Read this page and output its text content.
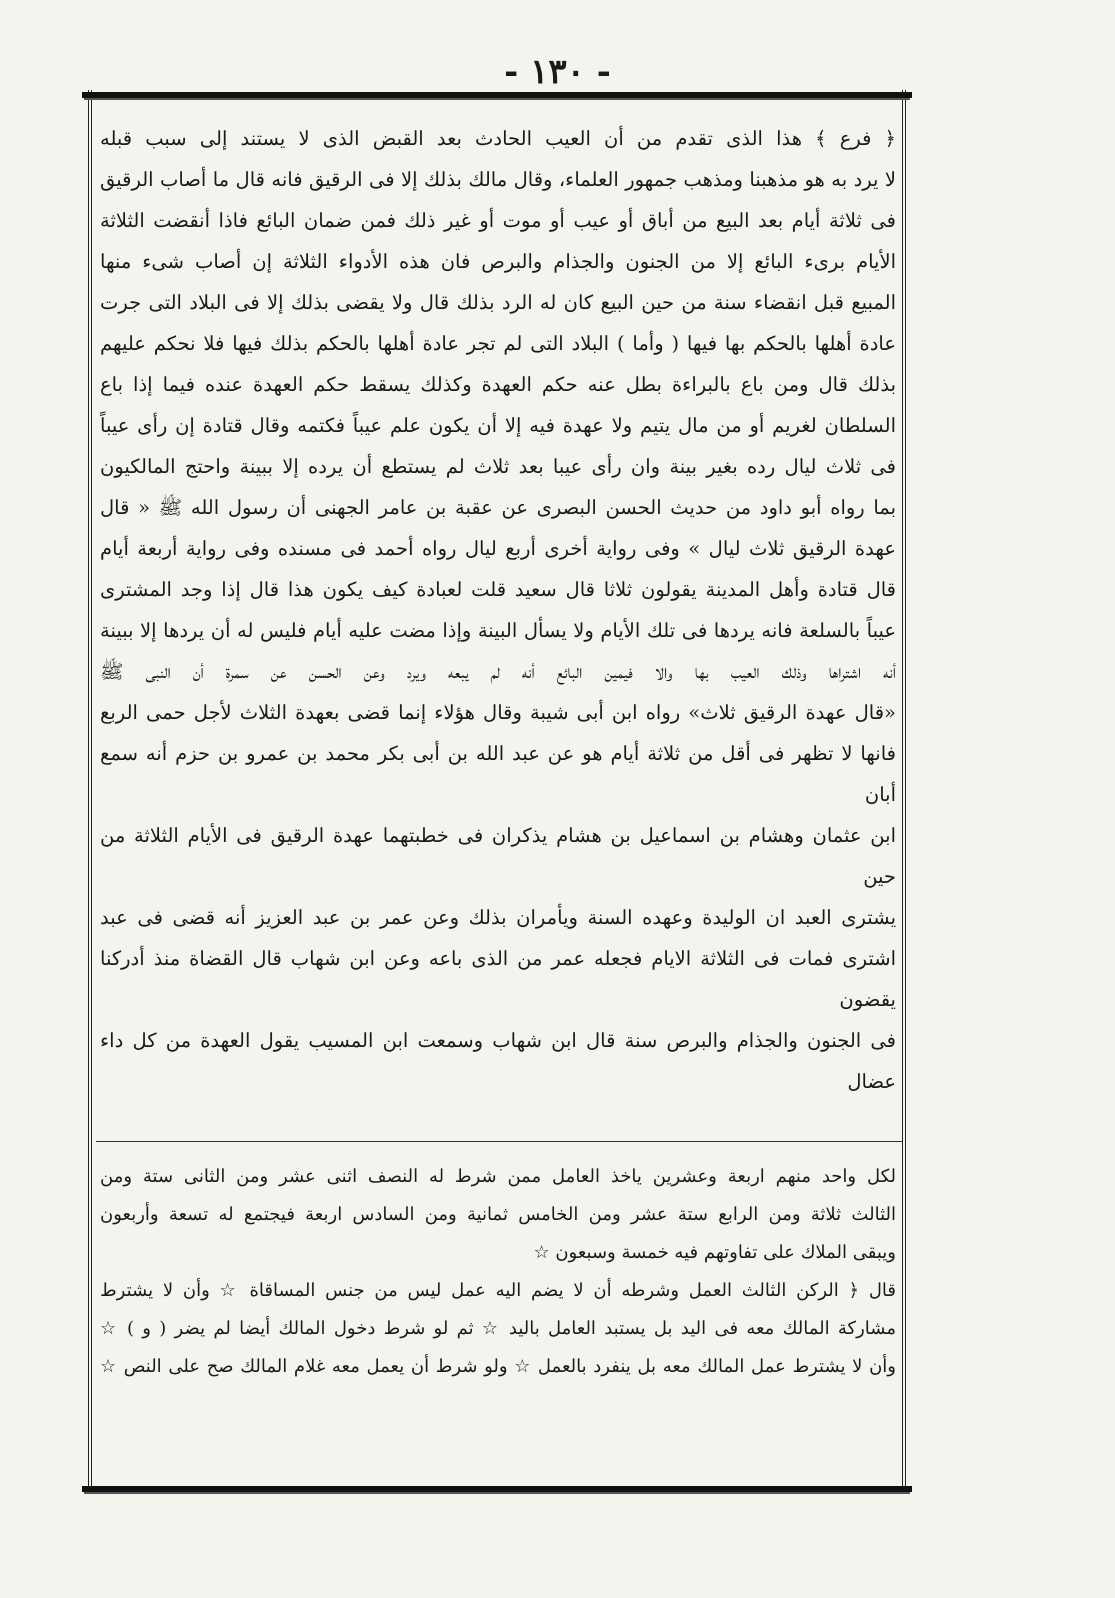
- ١٣٠ -

﴿ فرع ﴾ هذا الذى تقدم من أن العيب الحادث بعد القبض الذى لا يستند إلى سبب قبله

لا يرد به هو مذهبنا ومذهب جمهور العلماء، وقال مالك بذلك إلا فى الرقيق فانه قال ما أصاب الرقيق

فى ثلاثة أيام بعد البيع من أباق أو عيب أو موت أو غير ذلك فمن ضمان البائع فاذا أنقضت الثلاثة

الأيام برىء البائع إلا من الجنون والجذام والبرص فان هذه الأدواء الثلاثة إن أصاب شىء منها

المبيع قبل انقضاء سنة من حين البيع كان له الرد بذلك قال ولا يقضى بذلك إلا فى البلاد التى جرت

عادة أهلها بالحكم بها فيها ( وأما ) البلاد التى لم تجر عادة أهلها بالحكم بذلك فيها فلا نحكم عليهم

بذلك قال ومن باع بالبراءة بطل عنه حكم العهدة وكذلك يسقط حكم العهدة عنده فيما إذا باع

السلطان لغريم أو من مال يتيم ولا عهدة فيه إلا أن يكون علم عيباً فكتمه وقال قتادة إن رأى عيباً

فى ثلاث ليال رده بغير بينة وان رأى عيبا بعد ثلاث لم يستطع أن يرده إلا ببينة واحتج المالكيون

بما رواه أبو داود من حديث الحسن البصرى عن عقبة بن عامر الجهنى أن رسول الله ﷺ « قال

عهدة الرقيق ثلاث ليال » وفى رواية أخرى أربع ليال رواه أحمد فى مسنده وفى رواية أربعة أيام

قال قتادة وأهل المدينة يقولون ثلاثا قال سعيد قلت لعبادة كيف يكون هذا قال إذا وجد المشترى

عيباً بالسلعة فانه يردها فى تلك الأيام ولا يسأل البينة وإذا مضت عليه أيام فليس له أن يردها إلا ببينة

أنه اشتراها وذلك العيب بها والا فيمين البائع أنه لم يبعه ويرد وعن الحسن عن سمرة أن النبى ﷺ

«قال عهدة الرقيق ثلاث» رواه ابن أبى شيبة وقال هؤلاء إنما قضى بعهدة الثلاث لأجل حمى الربع

فانها لا تظهر فى أقل من ثلاثة أيام هو عن عبد الله بن أبى بكر محمد بن عمرو بن حزم أنه سمع أبان

ابن عثمان وهشام بن اسماعيل بن هشام يذكران فى خطبتهما عهدة الرقيق فى الأيام الثلاثة من حين

يشترى العبد ان الوليدة وعهده السنة ويأمران بذلك وعن عمر بن عبد العزيز أنه قضى فى عبد

اشترى فمات فى الثلاثة الايام فجعله عمر من الذى باعه وعن ابن شهاب قال القضاة منذ أدركنا يقضون

فى الجنون والجذام والبرص سنة قال ابن شهاب وسمعت ابن المسيب يقول العهدة من كل داء عضال

لكل واحد منهم اربعة وعشرين ياخذ العامل ممن شرط له النصف اثنى عشر ومن الثانى ستة ومن

الثالث ثلاثة ومن الرابع ستة عشر ومن الخامس ثمانية ومن السادس اربعة فيجتمع له تسعة وأربعون

ويبقى الملاك على تفاوتهم فيه خمسة وسبعون ☆

قال ﴿ الركن الثالث العمل وشرطه أن لا يضم اليه عمل ليس من جنس المساقاة ☆ وأن لا يشترط

مشاركة المالك معه فى اليد بل يستبد العامل باليد ☆ ثم لو شرط دخول المالك أيضا لم يضر ( و ) ☆

وأن لا يشترط عمل المالك معه بل ينفرد بالعمل ☆ ولو شرط أن يعمل معه غلام المالك صح على النص ☆
